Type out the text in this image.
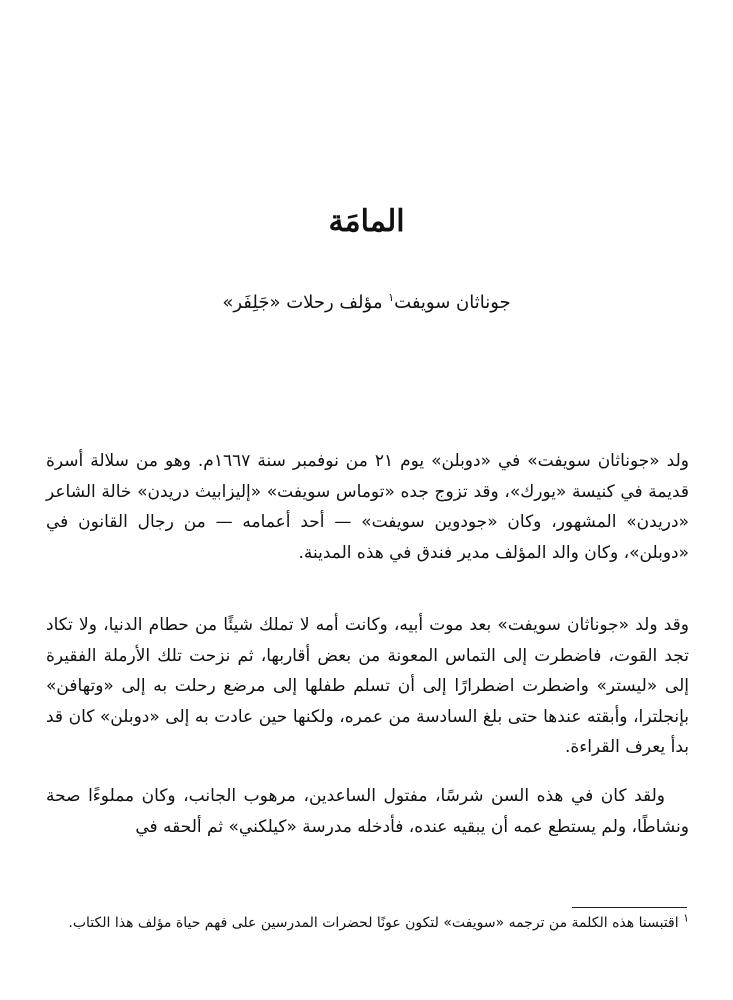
المامَة

جوناثان سويفت$^١$ مؤلف رحلات «جَلِفَر»

ولد «جوناثان سويفت» في «دوبلن» يوم ٢١ من نوفمبر سنة ١٦٦٧م. وهو من سلالة أسرة قديمة في كنيسة «يورك»، وقد تزوج جده «توماس سويفت» «إليزابيث دريدن» خالة الشاعر «دريدن» المشهور، وكان «جودوين سويفت» — أحد أعمامه — من رجال القانون في «دوبلن»، وكان والد المؤلف مدير فندق في هذه المدينة.

وقد ولد «جوناثان سويفت» بعد موت أبيه، وكانت أمه لا تملك شيئًا من حطام الدنيا، ولا تكاد تجد القوت، فاضطرت إلى التماس المعونة من بعض أقاربها، ثم نزحت تلك الأرملة الفقيرة إلى «ليستر» واضطرت اضطرارًا إلى أن تسلم طفلها إلى مرضع رحلت به إلى «وتهافن» بإنجلترا، وأبقته عندها حتى بلغ السادسة من عمره، ولكنها حين عادت به إلى «دوبلن» كان قد بدأ يعرف القراءة.

ولقد كان في هذه السن شرسًا، مفتول الساعدين، مرهوب الجانب، وكان مملوءًا صحة ونشاطًا، ولم يستطع عمه أن يبقيه عنده، فأدخله مدرسة «كيلكني» ثم ألحقه في

$^١$ اقتبسنا هذه الكلمة من ترجمه «سويفت» لتكون عونًا لحضرات المدرسين على فهم حياة مؤلف هذا الكتاب.
